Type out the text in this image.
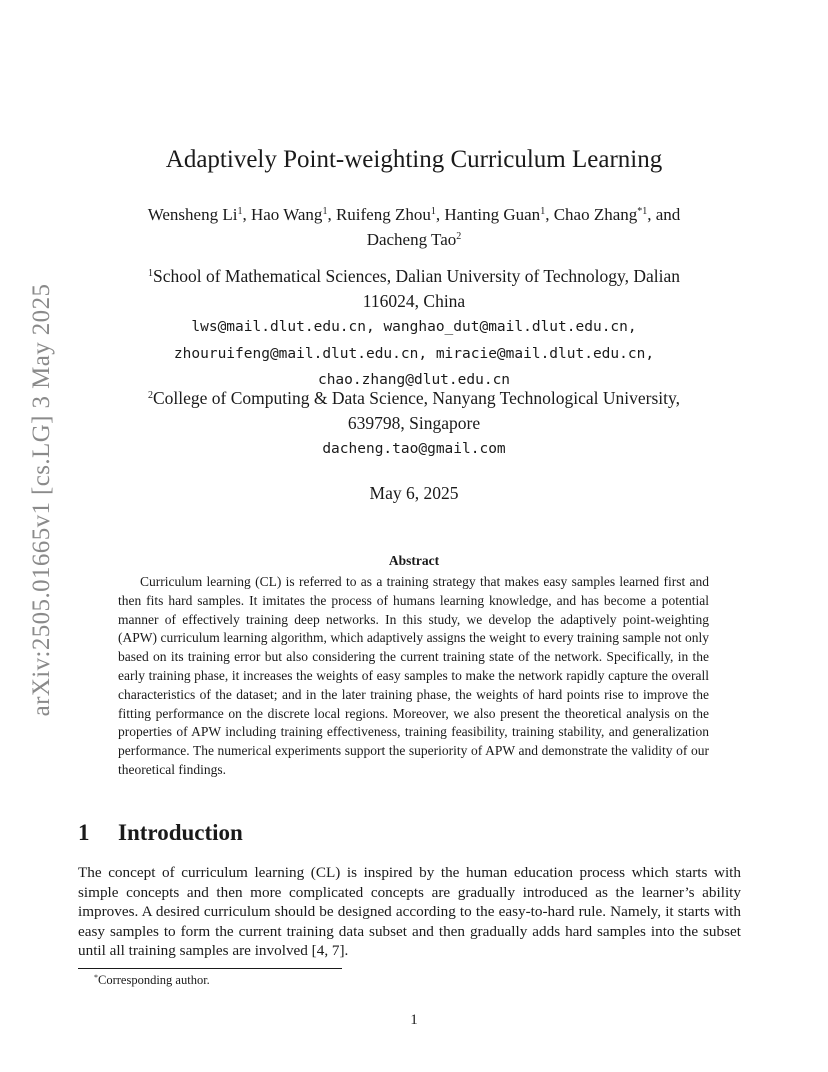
arXiv:2505.01665v1 [cs.LG] 3 May 2025
Adaptively Point-weighting Curriculum Learning
Wensheng Li$^1$, Hao Wang$^1$, Ruifeng Zhou$^1$, Hanting Guan$^1$, Chao Zhang$^{*1}$, and
Dacheng Tao$^2$
$^1$School of Mathematical Sciences, Dalian University of Technology, Dalian
116024, China
lws@mail.dlut.edu.cn, wanghao_dut@mail.dlut.edu.cn,
zhouruifeng@mail.dlut.edu.cn, miracie@mail.dlut.edu.cn,
chao.zhang@dlut.edu.cn
$^2$College of Computing & Data Science, Nanyang Technological University,
639798, Singapore
dacheng.tao@gmail.com
May 6, 2025
Abstract
Curriculum learning (CL) is referred to as a training strategy that makes easy samples learned first and then fits hard samples. It imitates the process of humans learning knowledge, and has become a potential manner of effectively training deep networks. In this study, we develop the adaptively point-weighting (APW) curriculum learning algorithm, which adaptively assigns the weight to every training sample not only based on its training error but also considering the current training state of the network. Specifically, in the early training phase, it increases the weights of easy samples to make the network rapidly capture the overall characteristics of the dataset; and in the later training phase, the weights of hard points rise to improve the fitting performance on the discrete local regions. Moreover, we also present the theoretical analysis on the properties of APW including training effectiveness, training feasibility, training stability, and generalization performance. The numerical experiments support the superiority of APW and demonstrate the validity of our theoretical findings.
1 Introduction
The concept of curriculum learning (CL) is inspired by the human education process which starts with simple concepts and then more complicated concepts are gradually introduced as the learner’s ability improves. A desired curriculum should be designed according to the easy-to-hard rule. Namely, it starts with easy samples to form the current training data subset and then gradually adds hard samples into the subset until all training samples are involved [4, 7].
*Corresponding author.
1
